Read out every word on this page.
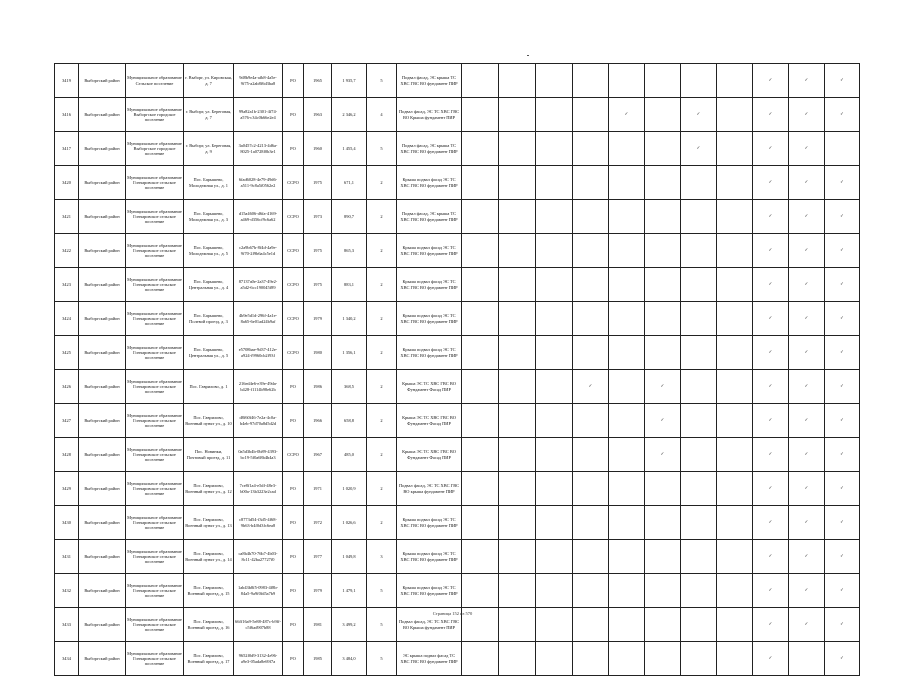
3419	Выборгский район	Муниципальное образование Сельское поселение	г. Выборг, ул. Кировская, д. 7	9d8b9e4a-afb8-4a5e-9f75-a2ab8f6d3ba8	РО	1965	1 935,7	5	Подвал фасад, ЭС крыша ТС ХВС ГВС ВО фундамент ПИР									✓	✓	✓
3416	Выборгский район	Муниципальное образование Выборгское городское поселение	г. Выборг, ул. Береговая, д. 7	99a82a1b-2301-4f74-a576-c34c0b66e2e4	РО	1963	2 346,2	4	Подвал фасад, ЭС ТС ХВС ГВС ВО Крыша фундамент ПИР					✓		✓		✓	✓	✓
3417	Выборгский район	Муниципальное образование Выборгское городское поселение	г. Выборг, ул. Береговая, д. 9	3a0457c2-4213-4d6a-8025-1a0728f0b3e1	РО	1960	1 455,4	5	Подвал фасад, ЭС крыша ТС ХВС ГВС ВО фундамент ПИР							✓		✓	✓	
3420	Выборгский район	Муниципальное образование Гончаровское сельское поселение	Пос. Барышево, Молодежная ул., д. 1	6fad6028-4e79-49d6-a511-9c8a5f0562e2	ССРО	1975	671,1	2	Крыша подвал фасад ЭС ТС ХВС ГВС ВО фундамент ПИР									✓	✓	✓
3421	Выборгский район	Муниципальное образование Гончаровское сельское поселение	Пос. Барышево, Молодежная ул., д. 3	d15a4606-d6fa-4169-a469-d356cf9c6a62	ССРО	1973	890,7	2	Подвал фасад, ЭС крыша ТС ХВС ГВС ВО фундамент ПИР									✓	✓	✓
3422	Выборгский район	Муниципальное образование Гончаровское сельское поселение	Пос. Барышево, Молодежная ул., д. 5	c2a9b67b-8f4d-4a9e-9f70-2f9b6a4c5e1d	ССРО	1975	865,3	2	Крыша подвал фасад ЭС ТС ХВС ГВС ВО фундамент ПИР									✓	✓	✓
3423	Выборгский район	Муниципальное образование Гончаровское сельское поселение	Пос. Барышево, Центральная ул., д. 4	87137a0e-2a37-49e2-a5d2-6cc190045f89	ССРО	1975	883,1	2	Крыша подвал фасад ЭС ТС ХВС ГВС ВО фундамент ПИР									✓	✓	✓
3424	Выборгский район	Муниципальное образование Гончаровское сельское поселение	Пос. Барышево, Полевой проезд, д. 3	4b9e5d1d-296f-4a1e-8a65-6e01ad24b9af	ССРО	1979	1 340,2	2	Крыша подвал фасад ЭС ТС ХВС ГВС ВО фундамент ПИР									✓	✓	✓
3425	Выборгский район	Муниципальное образование Гончаровское сельское поселение	Пос. Барышево, Центральная ул., д. 5	e5708bae-9d37-412e-a924-f9960cb2f93f	ССРО	1980	1 356,1	2	Крыша подвал фасад ЭС ТС ХВС ГВС ВО фундамент ПИР									✓	✓	✓
3426	Выборгский район	Муниципальное образование Гончаровское сельское поселение	Пос. Гавриловo, д. 1	216ed4e6-e39e-49da-b428-f1114b98e62b	РО	1986	368,5	2	Крыша ЭС ТС ХВС ГВС ВО Фундамент Фасад ПИР				✓		✓			✓	✓	✓
3427	Выборгский район	Муниципальное образование Гончаровское сельское поселение	Пос. Гаврилово, Военный пункт ул., д. 10	d8f60f46-7e2a-4c0a-b4eb-97d70a8d5d2d	РО	1966	658,8	2	Крыша ЭС ТС ХВС ГВС ВО Фундамент Фасад ПИР						✓			✓	✓	✓
3428	Выборгский район	Муниципальное образование Гончаровское сельское поселение	Пос. Новинки, Почтовый проезд, д. 11	0a5d3b4b-0b89-4393-bc19-5f0a68b4b4a3	ССРО	1967	485,0	2	Крыша ЭС ТС ХВС ГВС ВО Фундамент Фасад ПИР						✓			✓	✓	✓
3429	Выборгский район	Муниципальное образование Гончаровское сельское поселение	Пос. Гаврилово, Военный пункт ул., д. 12	7ce8f1a4-e5df-48e3-b00a-13b3223e2cad	РО	1971	1 020,9	2	Подвал фасад, ЭС ТС ХВС ГВС ВО крыша фундамент ПИР									✓	✓	✓
3430	Выборгский район	Муниципальное образование Гончаровское сельское поселение	Пос. Гаврилово, Военный пункт ул., д. 13	c8773d54-f3d5-4f68-9b63-b4f0d3fc6ea8	РО	1972	1 026,6	2	Крыша подвал фасад ЭС ТС ХВС ГВС ВО фундамент ПИР									✓	✓	✓
3431	Выборгский район	Муниципальное образование Гончаровское сельское поселение	Пос. Гаврилово, Военный пункт ул., д. 14	ca8b4b70-76b7-4b03-8c11-42ba27727f0	РО	1977	1 049,8	3	Крыша подвал фасад ЭС ТС ХВС ГВС ВО фундамент ПИР									✓	✓	✓
3432	Выборгский район	Муниципальное образование Гончаровское сельское поселение	Пос. Гаврилово, Военный проезд, д. 15	1ab43b8f5-0983-4f8b-84a5-9a9f0fd5a7b9	РО	1979	1 479,1	5	Крыша подвал фасад ЭС ТС ХВС ГВС ВО фундамент ПИР									✓	✓	✓
3433	Выборгский район	Муниципальное образование Гончаровское сельское поселение	Пос. Гаврилово, Военный проезд, д. 16	66ff16a9-5e88-487c-b9ff-c5f6ad907b88	РО	1981	3 499,2	5	Подвал фасад, ЭС ТС ХВС ГВС ВО Крыша фундамент ПИР									✓	✓	✓
3434	Выборгский район	Муниципальное образование Гончаровское сельское поселение	Пос. Гаврилово, Военный проезд, д. 17	9652f0d9-3132-4e96-a9e3-05ada8e69f7a	РО	1985	3 484,0	5	ЭС крыша подвал фасад ТС ХВС ГВС ВО фундамент ПИР									✓		✓
Страница 152 из 570
